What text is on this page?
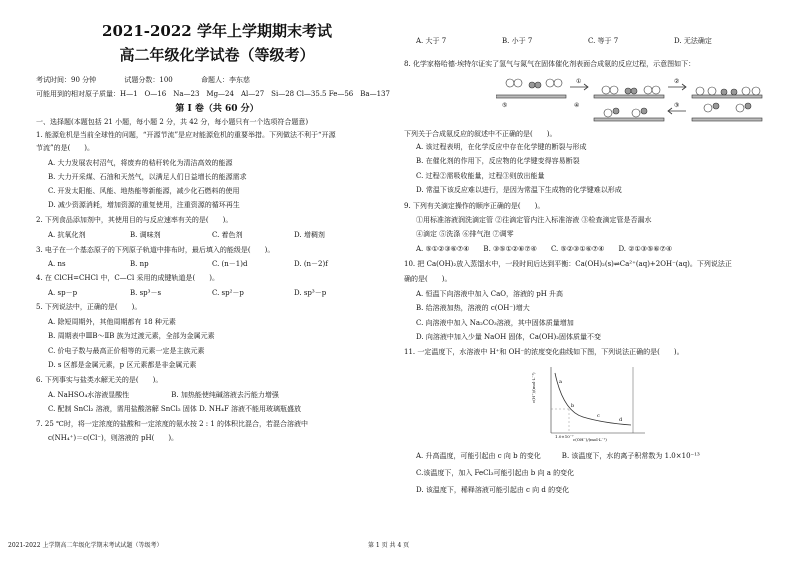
2021-2022 学年上学期期末考试
高二年级化学试卷（等级考）
考试时间：90 分钟	试题分数：100	命题人：李东慈
可能用到的相对原子质量：H—1　O—16　Na—23　Mg—24　Al—27　Si—28 Cl—35.5 Fe—56　Ba—137
第 I 卷（共 60 分）
一、选择题(本题包括 21 小题，每小题 2 分，共 42 分，每小题只有一个选项符合题意)
1. 能源危机是当前全球性的问题，“开源节流”是应对能源危机的重要举措。下列做法不利于“开源
节流”的是(　　)。
A. 大力发展农村沼气，将废弃的秸秆转化为清洁高效的能源
B. 大力开采煤、石油和天然气，以满足人们日益增长的能源需求
C. 开发太阳能、风能、地热能等新能源，减少化石燃料的使用
D. 减少资源消耗，增加资源的重复使用，注重资源的循环再生
2. 下列食品添加剂中，其使用目的与反应速率有关的是(　　)。
A. 抗氧化剂	B. 调味剂	C. 着色剂	D. 增稠剂
3. 电子在一个基态原子的下列原子轨道中排布时，最后填入的能级是(　　)。
A. ns	B. np	C. (n－1)d	D. (n－2)f
4. 在 ClCH=CHCl 中，C—Cl 采用的成键轨道是(　　)。
A. sp－p	B. sp³－s	C. sp²－p	D. sp³－p
5. 下列说法中，正确的是(　　)。
A. 除短周期外，其他周期都有 18 种元素
B. 周期表中ⅢB～ⅡB 族为过渡元素，全部为金属元素
C. 价电子数与最高正价相等的元素一定是主族元素
D. s 区都是金属元素，p 区元素都是非金属元素
6. 下列事实与盐类水解无关的是(　　)。
A. NaHSO₄水溶液显酸性　　　　　　B. 加热能使纯碱溶液去污能力增强
C. 配制 SnCl₂ 溶液，需用盐酸溶解 SnCl₂ 固体 D. NH₄F 溶液不能用玻璃瓶盛放
7. 25 ℃时，将一定浓度的盐酸和一定浓度的氨水按 2 : 1 的体积比混合，若混合溶液中
c(NH₄⁺)＝c(Cl⁻)，则溶液的 pH(　　)。
2021-2022 上学期高二年级化学期末考试试题（等级考）
A. 大于 7	B. 小于 7	C. 等于 7	D. 无法确定
8. 化学家格哈德·埃特尔证实了氢气与氮气在固体催化剂表面合成氨的反应过程，示意图如下：
①	②
③
④
⑤
下列关于合成氨反应的叙述中不正确的是(　　)。
A. 该过程表明，在化学反应中存在化学键的断裂与形成
B. 在催化剂的作用下，反应物的化学键变得容易断裂
C. 过程②需吸收能量，过程③则放出能量
D. 常温下该反应难以进行，是因为常温下生成物的化学键难以形成
9. 下列有关滴定操作的顺序正确的是(　　)。
①用标准溶液润洗滴定管 ②往滴定管内注入标准溶液 ③检查滴定管是否漏水
④滴定 ⑤洗涤 ⑥排气泡 ⑦调零
A. ⑤①②③⑥⑦④　　B. ③⑤①②⑥⑦④　　C. ⑤②③①⑥⑦④　　D. ②①③⑤⑥⑦④
10. 把 Ca(OH)₂放入蒸馏水中，一段时间后达到平衡：Ca(OH)₂(s)⇌Ca²⁺(aq)+2OH⁻(aq)。下列说法正
确的是(　　)。
A. 恒温下向溶液中加入 CaO，溶液的 pH 升高
B. 给溶液加热，溶液的 c(OH⁻)增大
C. 向溶液中加入 Na₂CO₃溶液，其中固体质量增加
D. 向溶液中加入少量 NaOH 固体，Ca(OH)₂固体质量不变
11. 一定温度下，水溶液中 H⁺和 OH⁻的浓度变化曲线如下图，下列说法正确的是(　　)。
c(H⁺)/(mol·L⁻¹)
c(OH⁻)/(mol·L⁻¹)
1.0×10⁻⁷
a
b
c
d
A. 升高温度，可能引起由 c 向 b 的变化　　　B. 该温度下，水的离子积常数为 1.0×10⁻¹³
C.该温度下，加入 FeCl₃可能引起由 b 向 a 的变化
D. 该温度下，稀释溶液可能引起由 c 向 d 的变化
第 1 页 共 4 页
